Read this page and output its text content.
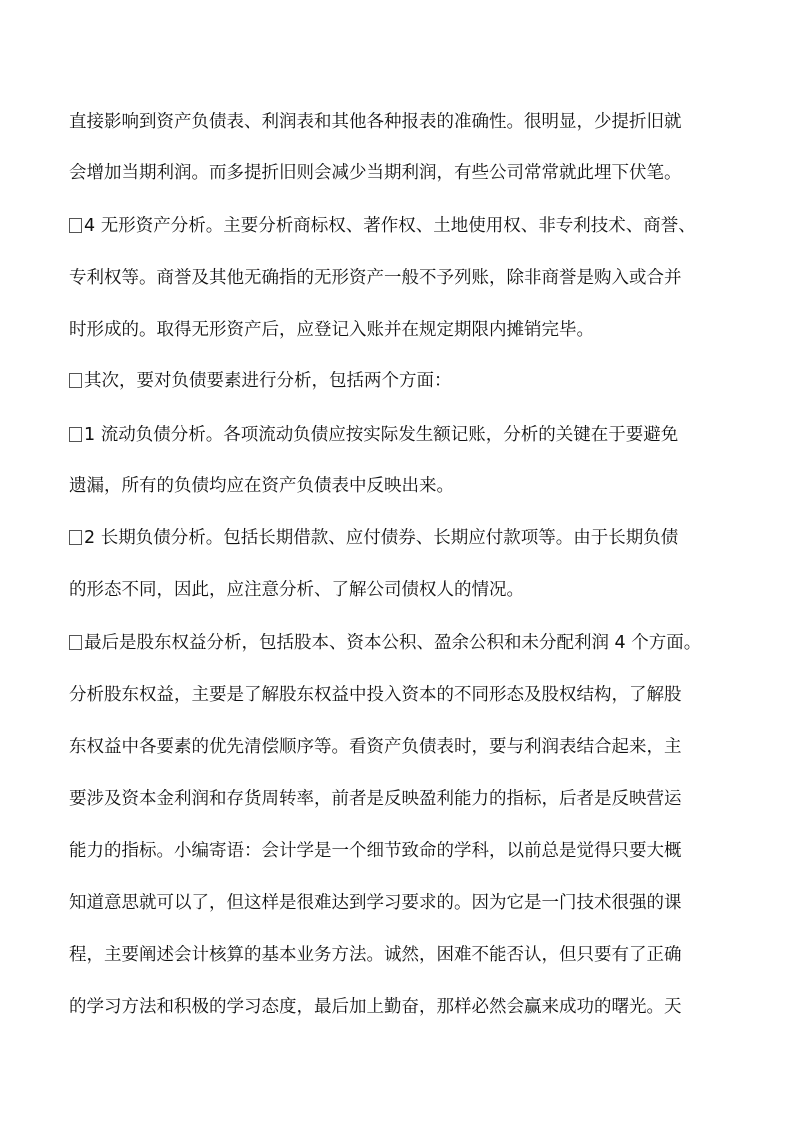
直接影响到资产负债表、利润表和其他各种报表的准确性。很明显，少提折旧就
会增加当期利润。而多提折旧则会减少当期利润，有些公司常常就此埋下伏笔。
4 无形资产分析。主要分析商标权、著作权、土地使用权、非专利技术、商誉、
专利权等。商誉及其他无确指的无形资产一般不予列账，除非商誉是购入或合并
时形成的。取得无形资产后，应登记入账并在规定期限内摊销完毕。
其次，要对负债要素进行分析，包括两个方面：
1 流动负债分析。各项流动负债应按实际发生额记账，分析的关键在于要避免
遗漏，所有的负债均应在资产负债表中反映出来。
2 长期负债分析。包括长期借款、应付债券、长期应付款项等。由于长期负债
的形态不同，因此，应注意分析、了解公司债权人的情况。
最后是股东权益分析，包括股本、资本公积、盈余公积和未分配利润 4 个方面。
分析股东权益，主要是了解股东权益中投入资本的不同形态及股权结构，了解股
东权益中各要素的优先清偿顺序等。看资产负债表时，要与利润表结合起来，主
要涉及资本金利润和存货周转率，前者是反映盈利能力的指标，后者是反映营运
能力的指标。小编寄语：会计学是一个细节致命的学科，以前总是觉得只要大概
知道意思就可以了，但这样是很难达到学习要求的。因为它是一门技术很强的课
程，主要阐述会计核算的基本业务方法。诚然，困难不能否认，但只要有了正确
的学习方法和积极的学习态度，最后加上勤奋，那样必然会赢来成功的曙光。天
